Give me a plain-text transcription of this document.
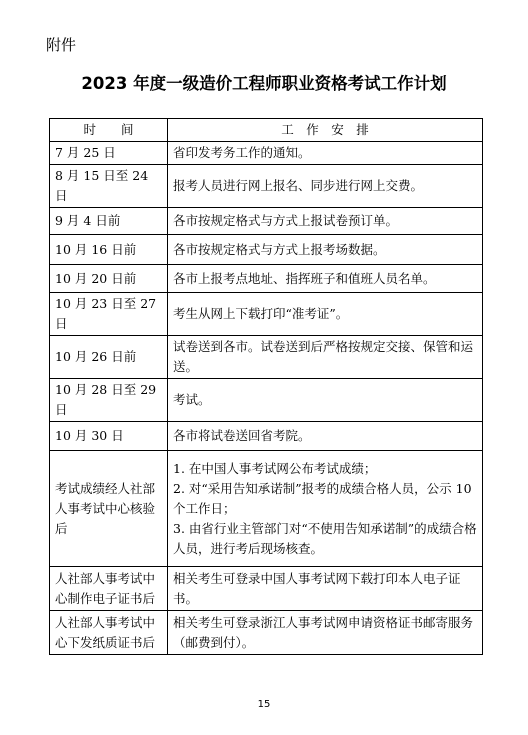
附件
2023 年度一级造价工程师职业资格考试工作计划
时　　间	工　作　安　排
7 月 25 日	省印发考务工作的通知。
8 月 15 日至 24 日	报考人员进行网上报名、同步进行网上交费。
9 月 4 日前	各市按规定格式与方式上报试卷预订单。
10 月 16 日前	各市按规定格式与方式上报考场数据。
10 月 20 日前	各市上报考点地址、指挥班子和值班人员名单。
10 月 23 日至 27 日	考生从网上下载打印“准考证”。
10 月 26 日前	试卷送到各市。试卷送到后严格按规定交接、保管和运送。
10 月 28 日至 29 日	考试。
10 月 30 日	各市将试卷送回省考院。
考试成绩经人社部人事考试中心核验后	1. 在中国人事考试网公布考试成绩；
2. 对“采用告知承诺制”报考的成绩合格人员，公示 10 个工作日；
3. 由省行业主管部门对“不使用告知承诺制”的成绩合格人员，进行考后现场核查。

人社部人事考试中心制作电子证书后	相关考生可登录中国人事考试网下载打印本人电子证书。
人社部人事考试中心下发纸质证书后	相关考生可登录浙江人事考试网申请资格证书邮寄服务（邮费到付）。
15
